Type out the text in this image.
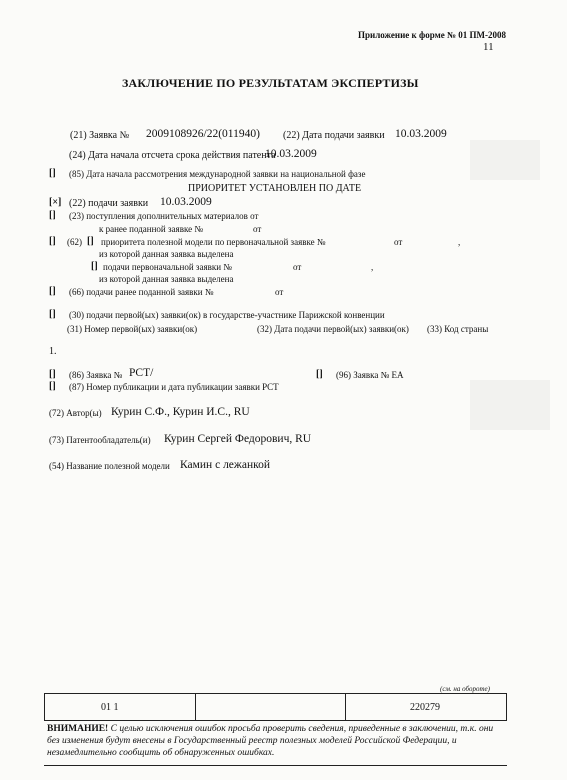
Приложение к форме № 01 ПМ-2008
11
ЗАКЛЮЧЕНИЕ ПО РЕЗУЛЬТАТАМ ЭКСПЕРТИЗЫ
(21) Заявка № 2009108926/22(011940) (22) Дата подачи заявки 10.03.2009
(24) Дата начала отсчета срока действия патента
10.03.2009
[] (85) Дата начала рассмотрения международной заявки на национальной фазе
ПРИОРИТЕТ УСТАНОВЛЕН ПО ДАТЕ
[×] (22) подачи заявки 10.03.2009
[] (23) поступления дополнительных материалов от
к ранее поданной заявке №	от
[] (62) [] приоритета полезной модели по первоначальной заявке №	от	,
из которой данная заявка выделена
[] подачи первоначальной заявки №	от	,
из которой данная заявка выделена
[] (66) подачи ранее поданной заявки №	от
[] (30) подачи первой(ых) заявки(ок) в государстве-участнике Парижской конвенции
(31) Номер первой(ых) заявки(ок)	(32) Дата подачи первой(ых) заявки(ок) (33) Код страны
1.
[] (86) Заявка № PCT/	[] (96) Заявка № ЕА
[] (87) Номер публикации и дата публикации заявки PCT
(72) Автор(ы) Курин С.Ф., Курин И.С., RU
(73) Патентообладатель(и) Курин Сергей Федорович, RU
(54) Название полезной модели Камин с лежанкой
(см. на обороте)
01 1	220279
ВНИМАНИЕ! С целью исключения ошибок просьба проверить сведения, приведенные в заключении, т.к. они без изменения будут внесены в Государственный реестр полезных моделей Российской Федерации, и незамедлительно сообщить об обнаруженных ошибках.
